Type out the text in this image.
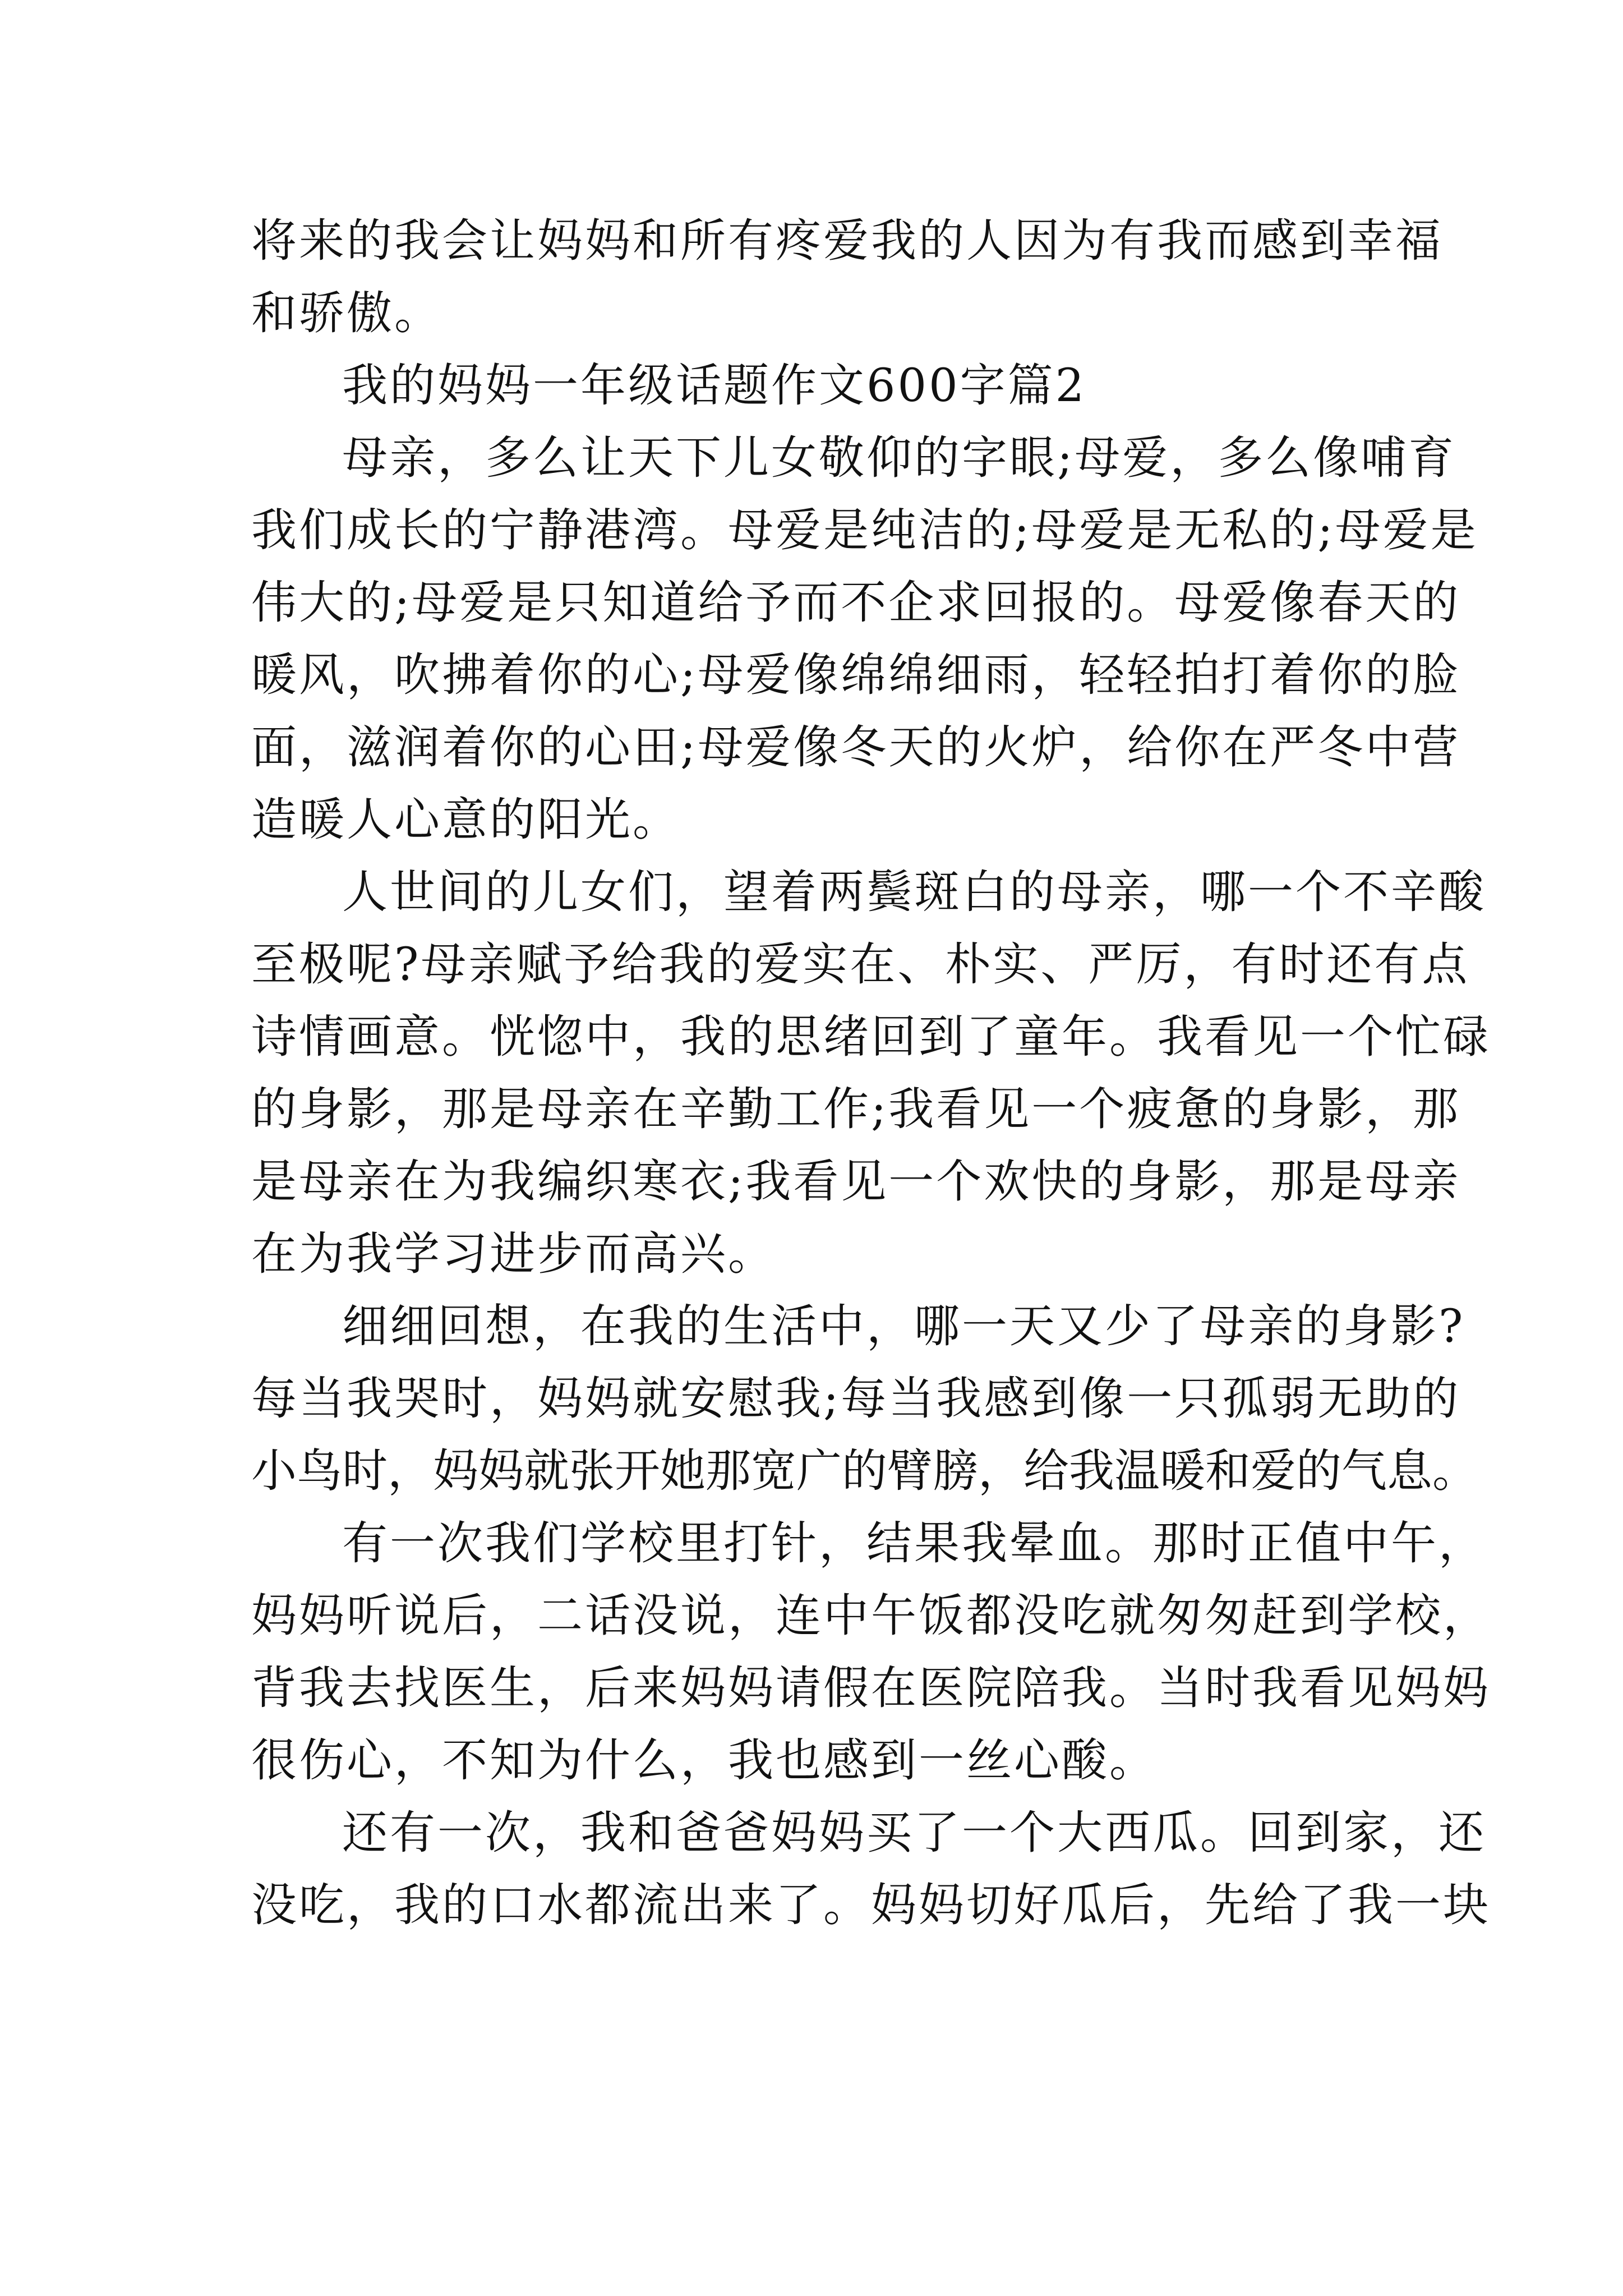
将来的我会让妈妈和所有疼爱我的人因为有我而感到幸福
和骄傲。

我的妈妈一年级话题作文600字篇2

母亲，多么让天下儿女敬仰的字眼;母爱，多么像哺育
我们成长的宁静港湾。母爱是纯洁的;母爱是无私的;母爱是
伟大的;母爱是只知道给予而不企求回报的。母爱像春天的
暖风，吹拂着你的心;母爱像绵绵细雨，轻轻拍打着你的脸
面，滋润着你的心田;母爱像冬天的火炉，给你在严冬中营
造暖人心意的阳光。

人世间的儿女们，望着两鬓斑白的母亲，哪一个不辛酸
至极呢?母亲赋予给我的爱实在、朴实、严厉，有时还有点
诗情画意。恍惚中，我的思绪回到了童年。我看见一个忙碌
的身影，那是母亲在辛勤工作;我看见一个疲惫的身影，那
是母亲在为我编织寒衣;我看见一个欢快的身影，那是母亲
在为我学习进步而高兴。

细细回想，在我的生活中，哪一天又少了母亲的身影?
每当我哭时，妈妈就安慰我;每当我感到像一只孤弱无助的
小鸟时，妈妈就张开她那宽广的臂膀，给我温暖和爱的气息。

有一次我们学校里打针，结果我晕血。那时正值中午，
妈妈听说后，二话没说，连中午饭都没吃就匆匆赶到学校，
背我去找医生，后来妈妈请假在医院陪我。当时我看见妈妈
很伤心，不知为什么，我也感到一丝心酸。

还有一次，我和爸爸妈妈买了一个大西瓜。回到家，还
没吃，我的口水都流出来了。妈妈切好瓜后，先给了我一块
